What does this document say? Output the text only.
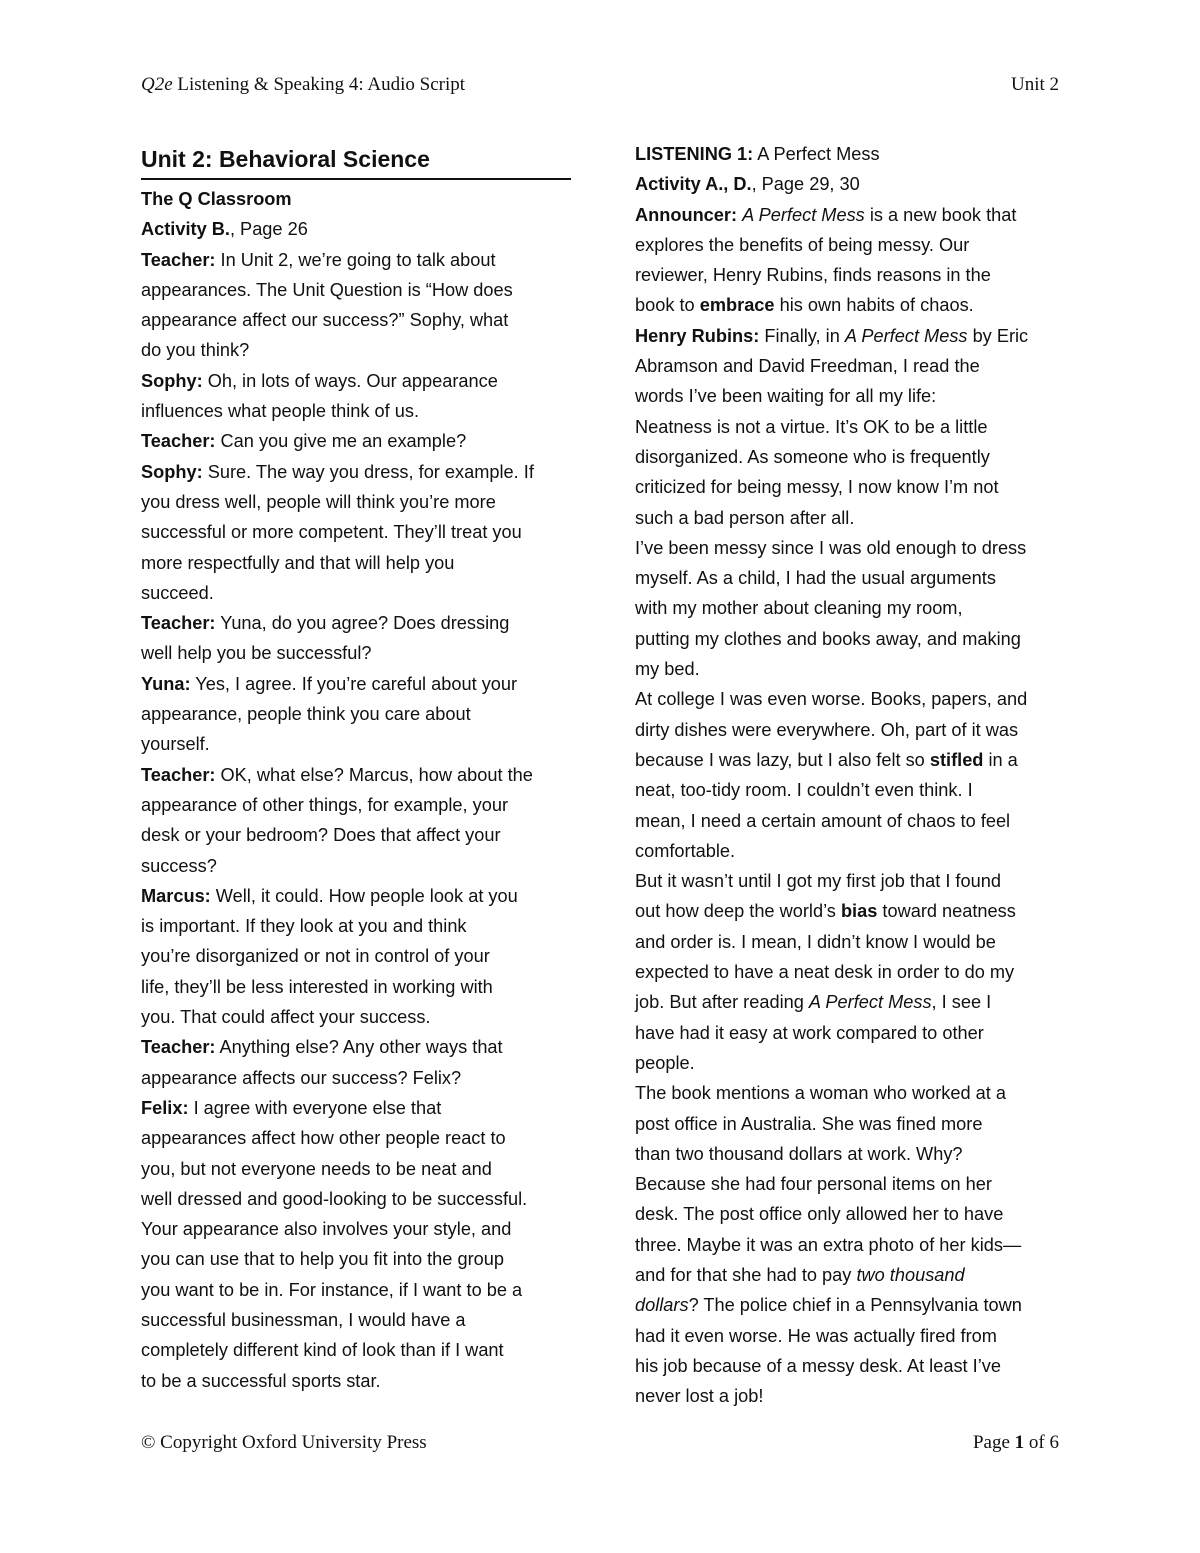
Q2e Listening & Speaking 4: Audio Script	Unit 2
Unit 2: Behavioral Science
The Q Classroom
Activity B., Page 26
Teacher: In Unit 2, we’re going to talk about
appearances. The Unit Question is “How does
appearance affect our success?” Sophy, what
do you think?
Sophy: Oh, in lots of ways. Our appearance
influences what people think of us.
Teacher: Can you give me an example?
Sophy: Sure. The way you dress, for example. If
you dress well, people will think you’re more
successful or more competent. They’ll treat you
more respectfully and that will help you
succeed.
Teacher: Yuna, do you agree? Does dressing
well help you be successful?
Yuna: Yes, I agree. If you’re careful about your
appearance, people think you care about
yourself.
Teacher: OK, what else? Marcus, how about the
appearance of other things, for example, your
desk or your bedroom? Does that affect your
success?
Marcus: Well, it could. How people look at you
is important. If they look at you and think
you’re disorganized or not in control of your
life, they’ll be less interested in working with
you. That could affect your success.
Teacher: Anything else? Any other ways that
appearance affects our success? Felix?
Felix: I agree with everyone else that
appearances affect how other people react to
you, but not everyone needs to be neat and
well dressed and good-looking to be successful.
Your appearance also involves your style, and
you can use that to help you fit into the group
you want to be in. For instance, if I want to be a
successful businessman, I would have a
completely different kind of look than if I want
to be a successful sports star.
LISTENING 1: A Perfect Mess
Activity A., D., Page 29, 30
Announcer: A Perfect Mess is a new book that
explores the benefits of being messy. Our
reviewer, Henry Rubins, finds reasons in the
book to embrace his own habits of chaos.
Henry Rubins: Finally, in A Perfect Mess by Eric
Abramson and David Freedman, I read the
words I’ve been waiting for all my life:
Neatness is not a virtue. It’s OK to be a little
disorganized. As someone who is frequently
criticized for being messy, I now know I’m not
such a bad person after all.
I’ve been messy since I was old enough to dress
myself. As a child, I had the usual arguments
with my mother about cleaning my room,
putting my clothes and books away, and making
my bed.
At college I was even worse. Books, papers, and
dirty dishes were everywhere. Oh, part of it was
because I was lazy, but I also felt so stifled in a
neat, too-tidy room. I couldn’t even think. I
mean, I need a certain amount of chaos to feel
comfortable.
But it wasn’t until I got my first job that I found
out how deep the world’s bias toward neatness
and order is. I mean, I didn’t know I would be
expected to have a neat desk in order to do my
job. But after reading A Perfect Mess, I see I
have had it easy at work compared to other
people.
The book mentions a woman who worked at a
post office in Australia. She was fined more
than two thousand dollars at work. Why?
Because she had four personal items on her
desk. The post office only allowed her to have
three. Maybe it was an extra photo of her kids—
and for that she had to pay two thousand
dollars? The police chief in a Pennsylvania town
had it even worse. He was actually fired from
his job because of a messy desk. At least I’ve
never lost a job!
© Copyright Oxford University Press	Page 1 of 6
